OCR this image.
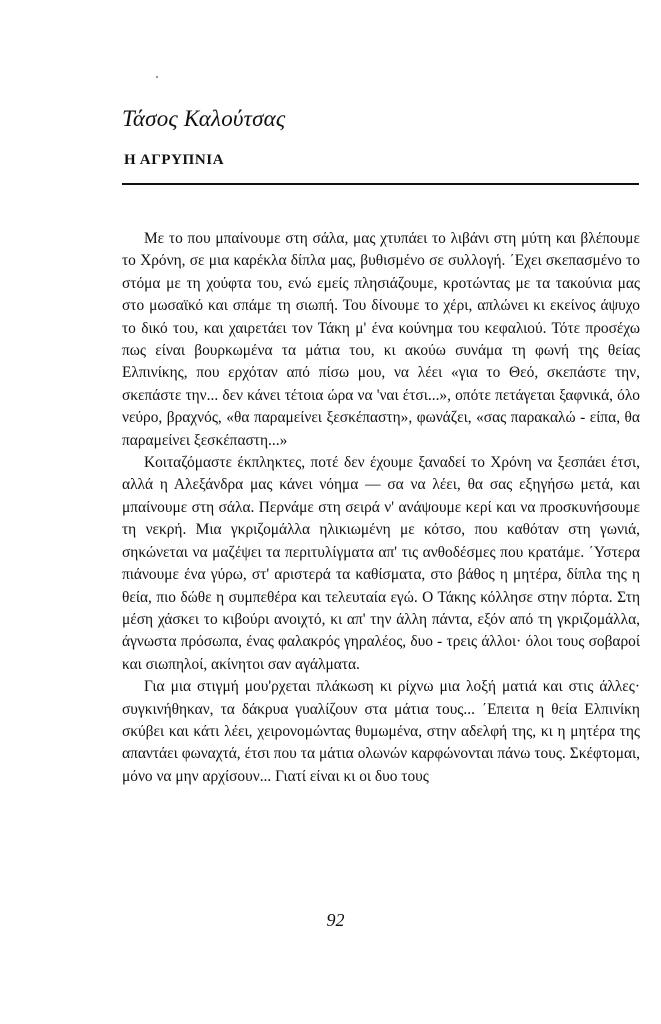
Τάσος Καλούτσας
Η ΑΓΡΥΠΝΙΑ

Με το που μπαίνουμε στη σάλα, μας χτυπάει το λιβάνι στη μύτη και βλέπουμε το Χρόνη, σε μια καρέκλα δίπλα μας, βυθισμένο σε συλλογή. ΄Εχει σκεπασμένο το στόμα με τη χούφτα του, ενώ εμείς πλησιάζουμε, κροτώντας με τα τακούνια μας στο μωσαϊκό και σπάμε τη σιωπή. Του δίνουμε το χέρι, απλώνει κι εκείνος άψυχο το δικό του, και χαιρετάει τον Τάκη μ' ένα κούνημα του κεφαλιού. Τότε προσέχω πως είναι βουρκωμένα τα μάτια του, κι ακούω συνάμα τη φωνή της θείας Ελπινίκης, που ερχόταν από πίσω μου, να λέει «για το Θεό, σκεπάστε την, σκεπάστε την... δεν κάνει τέτοια ώρα να 'ναι έτσι...», οπότε πετάγεται ξαφνικά, όλο νεύρο, βραχνός, «θα παραμείνει ξεσκέπαστη», φωνάζει, «σας παρακαλώ - είπα, θα παραμείνει ξεσκέπαστη...»

Κοιταζόμαστε έκπληκτες, ποτέ δεν έχουμε ξαναδεί το Χρόνη να ξεσπάει έτσι, αλλά η Αλεξάνδρα μας κάνει νόημα — σα να λέει, θα σας εξηγήσω μετά, και μπαίνουμε στη σάλα. Περνάμε στη σειρά ν' ανάψουμε κερί και να προσκυνήσουμε τη νεκρή. Μια γκριζομάλλα ηλικιωμένη με κότσο, που καθόταν στη γωνιά, σηκώνεται να μαζέψει τα περιτυλίγματα απ' τις ανθοδέσμες που κρατάμε. ΄Υστερα πιάνουμε ένα γύρω, στ' αριστερά τα καθίσματα, στο βάθος η μητέρα, δίπλα της η θεία, πιο δώθε η συμπεθέρα και τελευταία εγώ. Ο Τάκης κόλλησε στην πόρτα. Στη μέση χάσκει το κιβούρι ανοιχτό, κι απ' την άλλη πάντα, εξόν από τη γκριζομάλλα, άγνωστα πρόσωπα, ένας φαλακρός γηραλέος, δυο - τρεις άλλοι· όλοι τους σοβαροί και σιωπηλοί, ακίνητοι σαν αγάλματα.

Για μια στιγμή μου'ρχεται πλάκωση κι ρίχνω μια λοξή ματιά και στις άλλες· συγκινήθηκαν, τα δάκρυα γυαλίζουν στα μάτια τους... ΄Επειτα η θεία Ελπινίκη σκύβει και κάτι λέει, χειρονομώντας θυμωμένα, στην αδελφή της, κι η μητέρα της απαντάει φωναχτά, έτσι που τα μάτια ολωνών καρφώνονται πάνω τους. Σκέφτομαι, μόνο να μην αρχίσουν... Γιατί είναι κι οι δυο τους

92
